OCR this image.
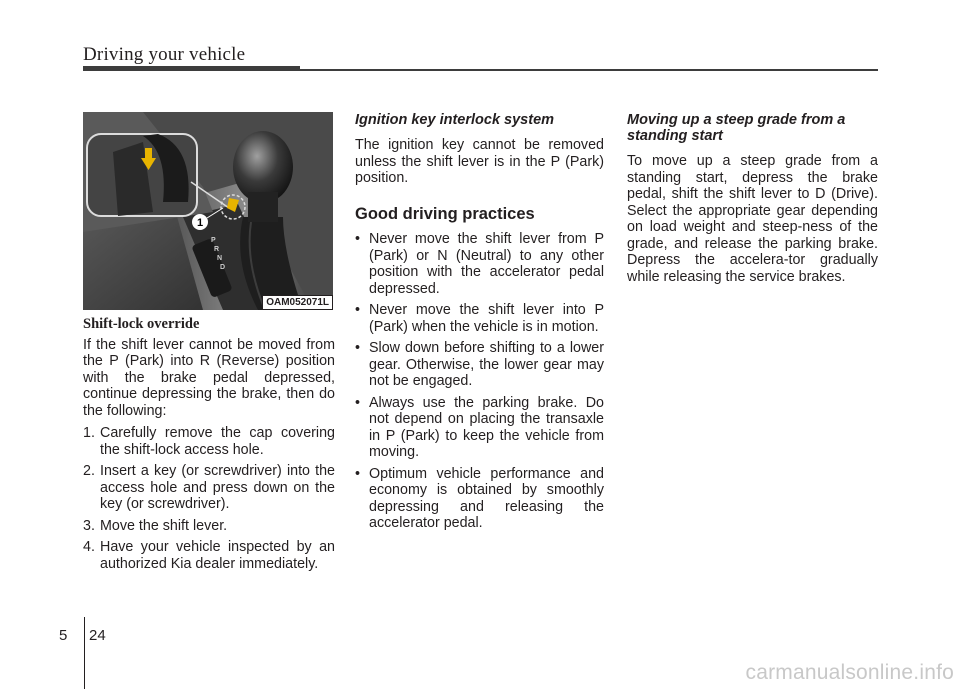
Driving your vehicle
1
P
R
N
D
OAM052071L

Shift-lock override

If the shift lever cannot be moved from the P (Park) into R (Reverse) position with the brake pedal depressed, continue depressing the brake, then do the following:

1. Carefully remove the cap covering the shift-lock access hole.
2. Insert a key (or screwdriver) into the access hole and press down on the key (or screwdriver).
3. Move the shift lever.
4. Have your vehicle inspected by an authorized Kia dealer immediately.

Ignition key interlock system

The ignition key cannot be removed unless the shift lever is in the P (Park) position.

Good driving practices

• Never move the shift lever from P (Park) or N (Neutral) to any other position with the accelerator pedal depressed.
• Never move the shift lever into P (Park) when the vehicle is in motion.
• Slow down before shifting to a lower gear. Otherwise, the lower gear may not be engaged.
• Always use the parking brake. Do not depend on placing the transaxle in P (Park) to keep the vehicle from moving.
• Optimum vehicle performance and economy is obtained by smoothly depressing and releasing the accelerator pedal.

Moving up a steep grade from a standing start

To move up a steep grade from a standing start, depress the brake pedal, shift the shift lever to D (Drive). Select the appropriate gear depending on load weight and steep-ness of the grade, and release the parking brake. Depress the accelera-tor gradually while releasing the service brakes.

5 24
carmanualsonline.info
